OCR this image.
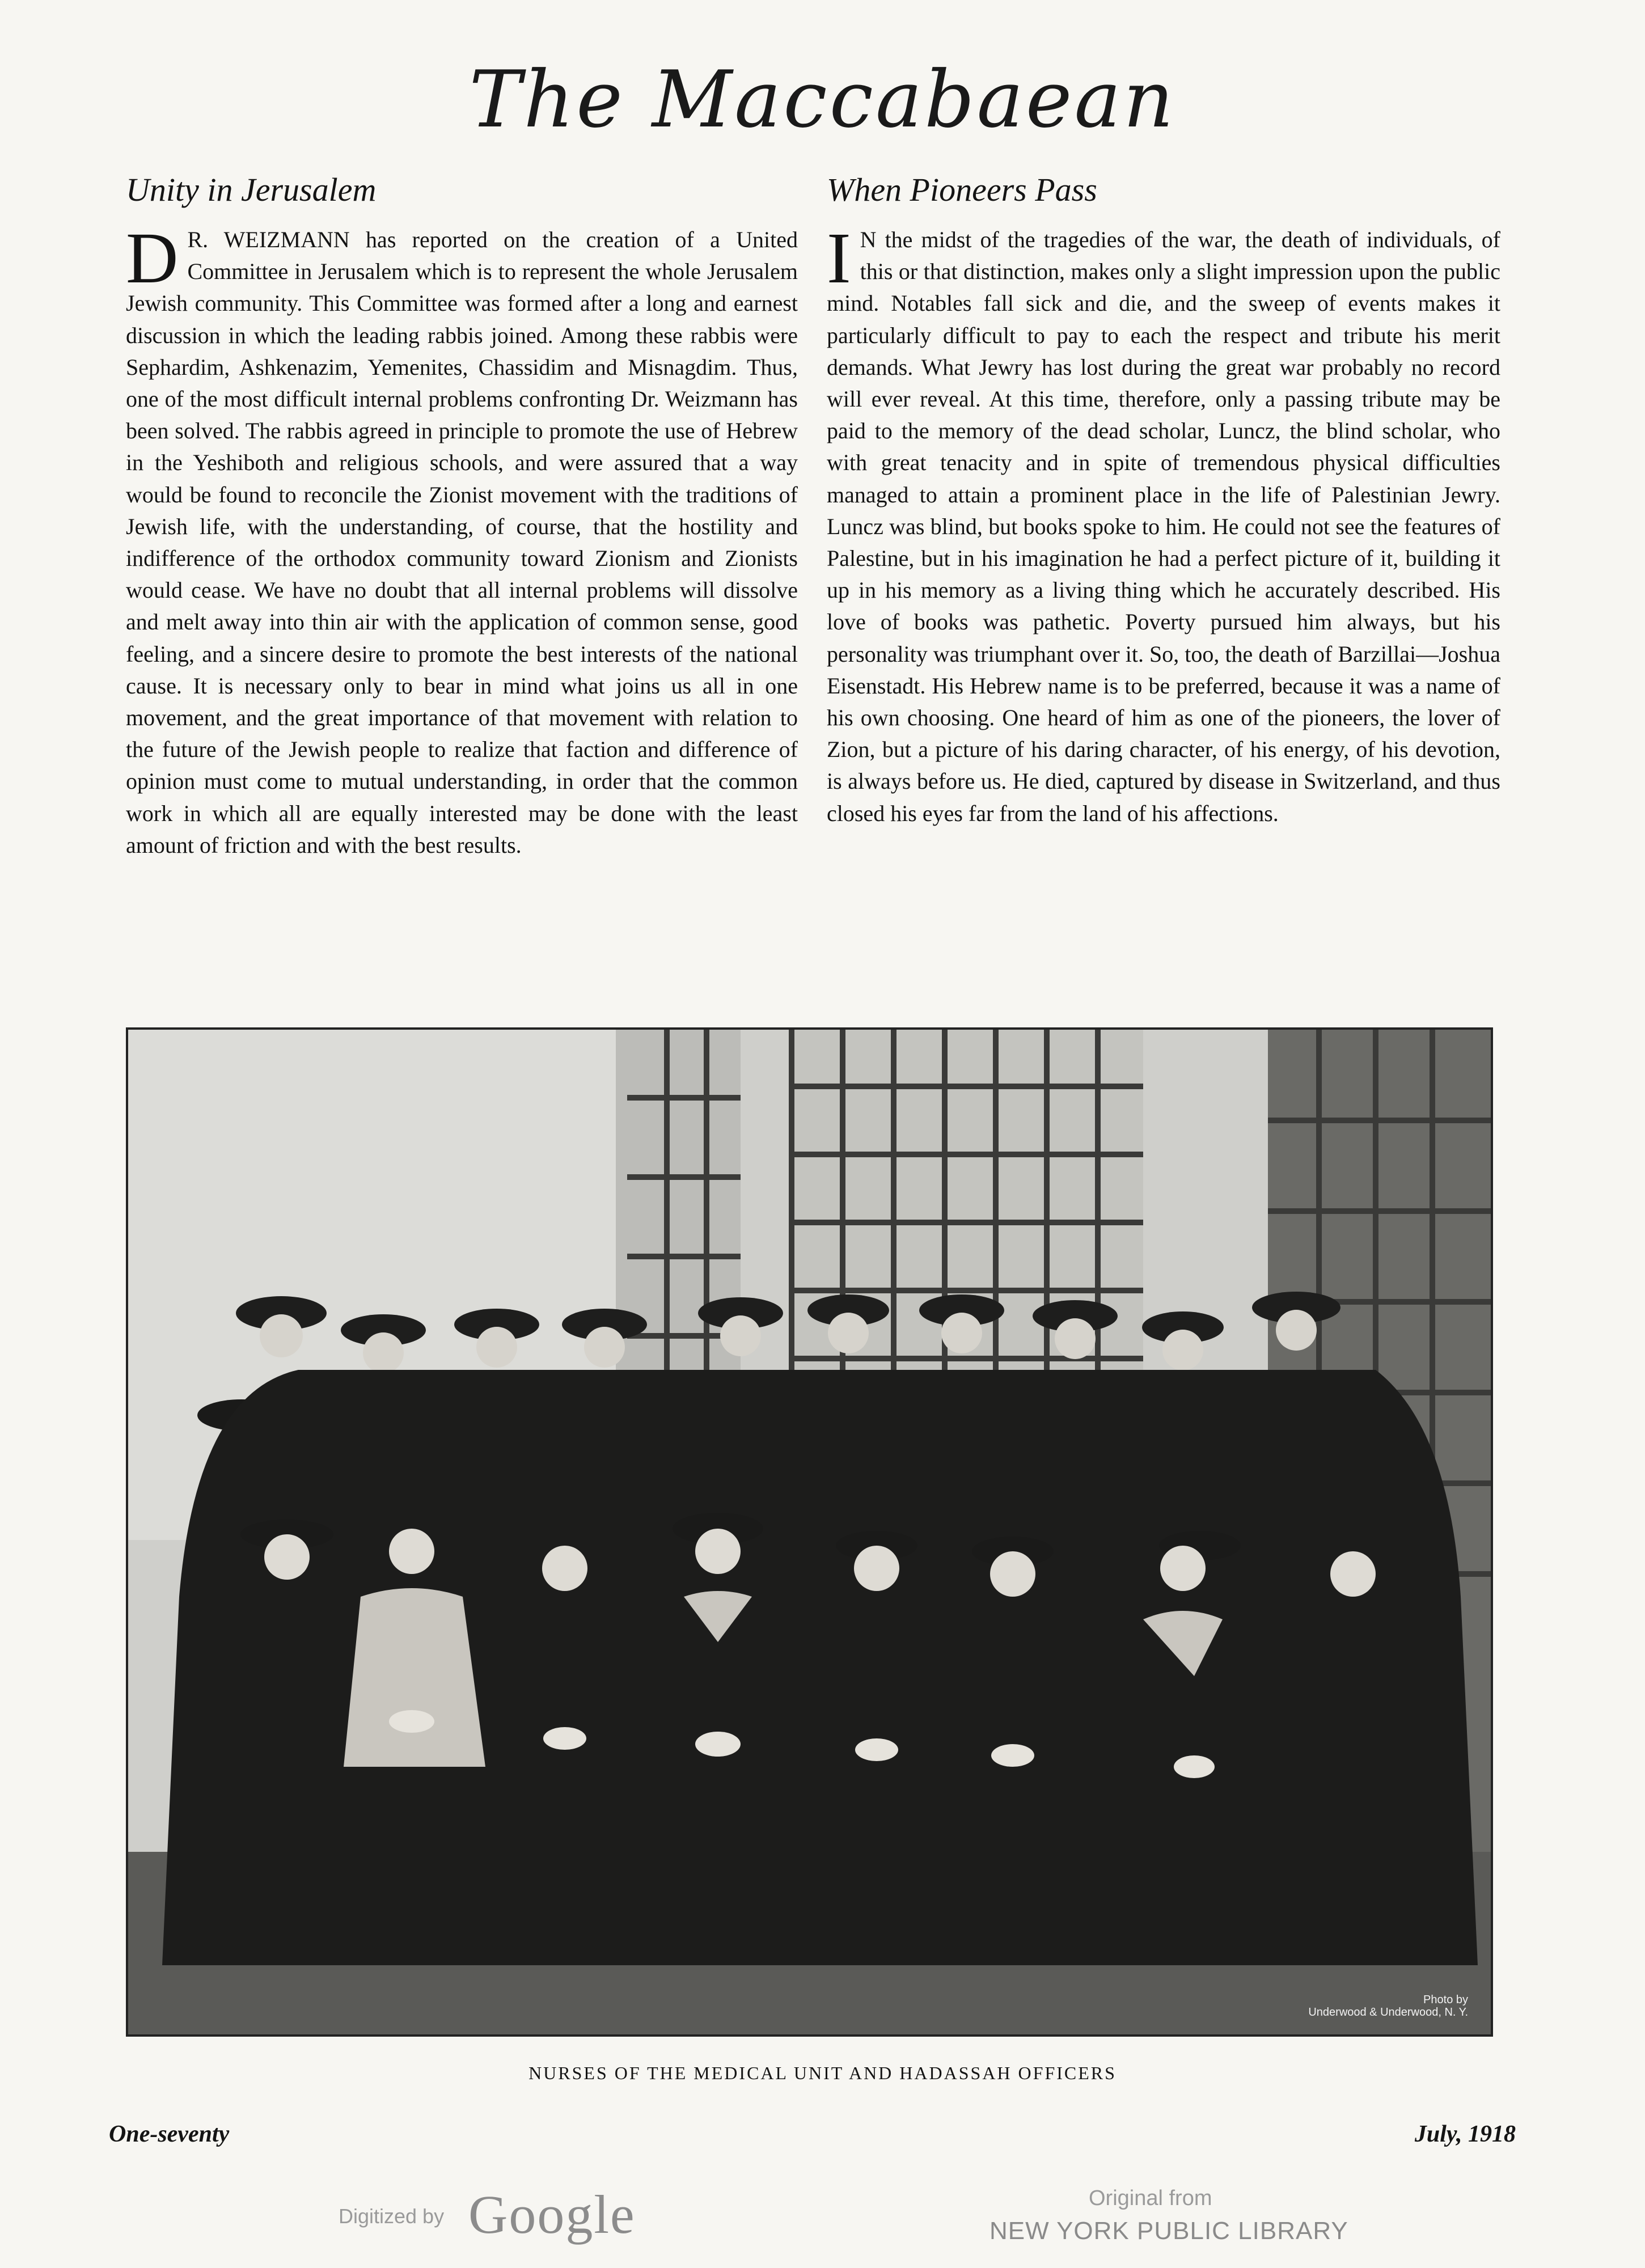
The Maccabaean
Unity in Jerusalem

D R. WEIZMANN has reported on the creation of a United Committee in Jerusalem which is to represent the whole Jerusalem Jewish community. This Committee was formed after a long and earnest discussion in which the leading rabbis joined. Among these rabbis were Sephardim, Ashkenazim, Yemenites, Chassidim and Misnagdim. Thus, one of the most difficult internal problems confronting Dr. Weizmann has been solved. The rabbis agreed in principle to promote the use of Hebrew in the Yeshiboth and religious schools, and were assured that a way would be found to reconcile the Zionist movement with the traditions of Jewish life, with the understanding, of course, that the hostility and indifference of the orthodox community toward Zionism and Zionists would cease. We have no doubt that all internal problems will dissolve and melt away into thin air with the application of common sense, good feeling, and a sincere desire to promote the best interests of the national cause. It is necessary only to bear in mind what joins us all in one movement, and the great importance of that movement with relation to the future of the Jewish people to realize that faction and difference of opinion must come to mutual understanding, in order that the common work in which all are equally interested may be done with the least amount of friction and with the best results.

When Pioneers Pass

I N the midst of the tragedies of the war, the death of individuals, of this or that distinction, makes only a slight impression upon the public mind. Notables fall sick and die, and the sweep of events makes it particularly difficult to pay to each the respect and tribute his merit demands. What Jewry has lost during the great war probably no record will ever reveal. At this time, therefore, only a passing tribute may be paid to the memory of the dead scholar, Luncz, the blind scholar, who with great tenacity and in spite of tremendous physical difficulties managed to attain a prominent place in the life of Palestinian Jewry. Luncz was blind, but books spoke to him. He could not see the features of Palestine, but in his imagination he had a perfect picture of it, building it up in his memory as a living thing which he accurately described. His love of books was pathetic. Poverty pursued him always, but his personality was triumphant over it. So, too, the death of Barzillai—Joshua Eisenstadt. His Hebrew name is to be preferred, because it was a name of his own choosing. One heard of him as one of the pioneers, the lover of Zion, but a picture of his daring character, of his energy, of his devotion, is always before us. He died, captured by disease in Switzerland, and thus closed his eyes far from the land of his affections.

Photo by
Underwood & Underwood, N. Y.
NURSES OF THE MEDICAL UNIT AND HADASSAH OFFICERS
One-seventy	July, 1918
Digitized by Google	Original from
NEW YORK PUBLIC LIBRARY
